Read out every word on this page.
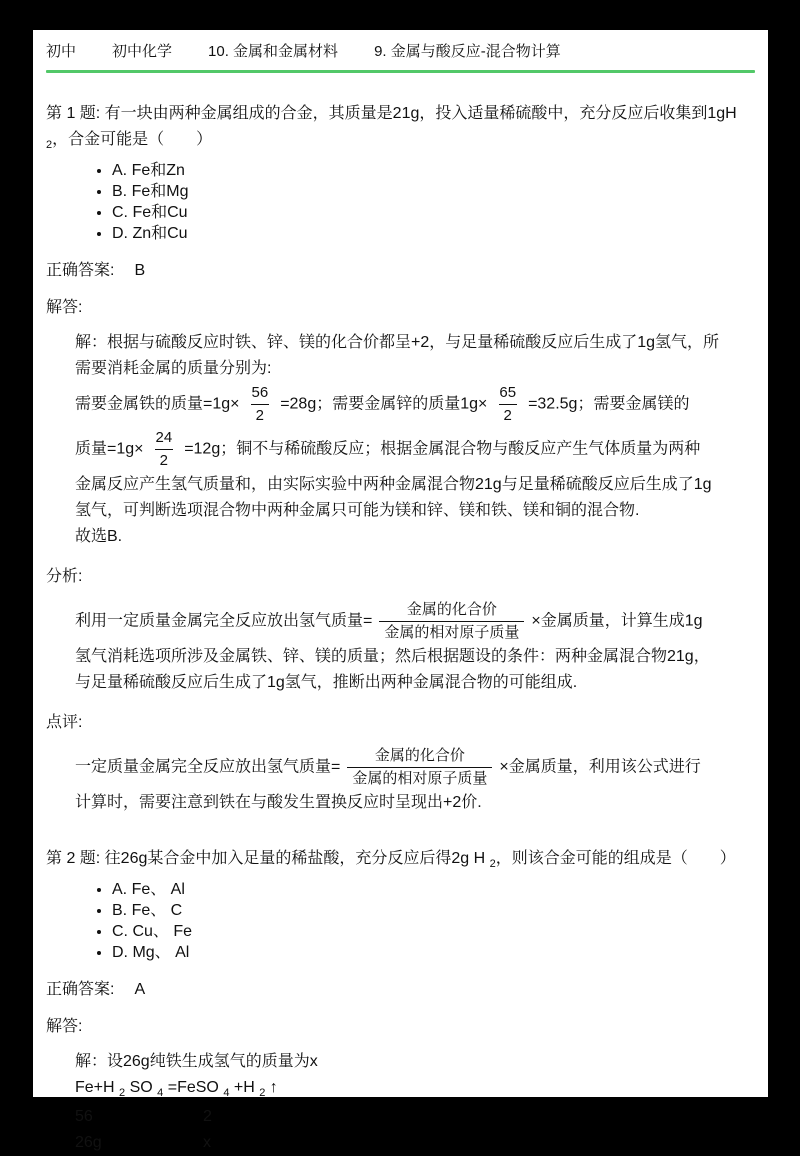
初中 初中化学 10. 金属和金属材料 9. 金属与酸反应-混合物计算
第 1 题: 有一块由两种金属组成的合金，其质量是21g，投入适量稀硫酸中，充分反应后收集到1gH
$_2$，合金可能是（　　）
• A. Fe和Zn
• B. Fe和Mg
• C. Fe和Cu
• D. Zn和Cu
正确答案: B
解答:
解：根据与硫酸反应时铁、锌、镁的化合价都呈+2，与足量稀硫酸反应后生成了1g氢气，所
需要消耗金属的质量分别为:
需要金属铁的质量$=1g\times \frac{56}{2} =28g$；需要金属锌的质量$1g\times \frac{65}{2} =32.5g$；需要金属镁的
质量$=1g\times \frac{24}{2} =12g$；铜不与稀硫酸反应；根据金属混合物与酸反应产生气体质量为两种
金属反应产生氢气质量和，由实际实验中两种金属混合物21g与足量稀硫酸反应后生成了1g
氢气，可判断选项混合物中两种金属只可能为镁和锌、镁和铁、镁和铜的混合物.
故选B.
分析:
利用一定质量金属完全反应放出氢气质量= $\frac{\text{金属的化合价}}{\text{金属的相对原子质量}}$ ×金属质量，计算生成1g
氢气消耗选项所涉及金属铁、锌、镁的质量；然后根据题设的条件：两种金属混合物21g，
与足量稀硫酸反应后生成了1g氢气，推断出两种金属混合物的可能组成.
点评:
一定质量金属完全反应放出氢气质量= $\frac{\text{金属的化合价}}{\text{金属的相对原子质量}}$ ×金属质量，利用该公式进行
计算时，需要注意到铁在与酸发生置换反应时呈现出+2价.
第 2 题: 往26g某合金中加入足量的稀盐酸，充分反应后得2g H $_2$，则该合金可能的组成是（　　）
• A. Fe、 Al
• B. Fe、 C
• C. Cu、 Fe
• D. Mg、 Al
正确答案: A
解答:
解：设26g纯铁生成氢气的质量为x
Fe+H $_2$ SO $_4$ =FeSO $_4$ +H $_2$ ↑
56	2
26g	x
